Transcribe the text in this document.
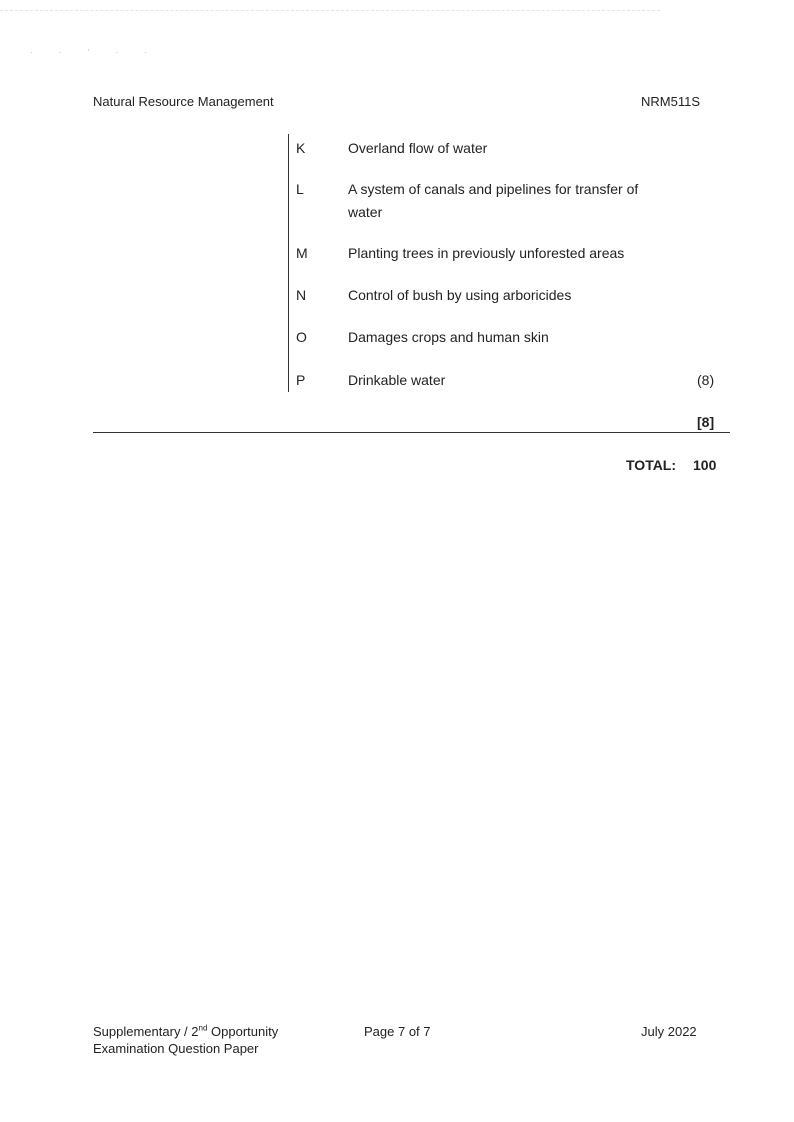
· · ' · ·
Natural Resource Management	NRM511S
K	Overland flow of water
L	A system of canals and pipelines for transfer of water
M	Planting trees in previously unforested areas
N	Control of bush by using arboricides
O	Damages crops and human skin
P	Drinkable water	(8)
[8]
TOTAL: 100
Supplementary / 2nd Opportunity
Examination Question Paper
Page 7 of 7	July 2022
